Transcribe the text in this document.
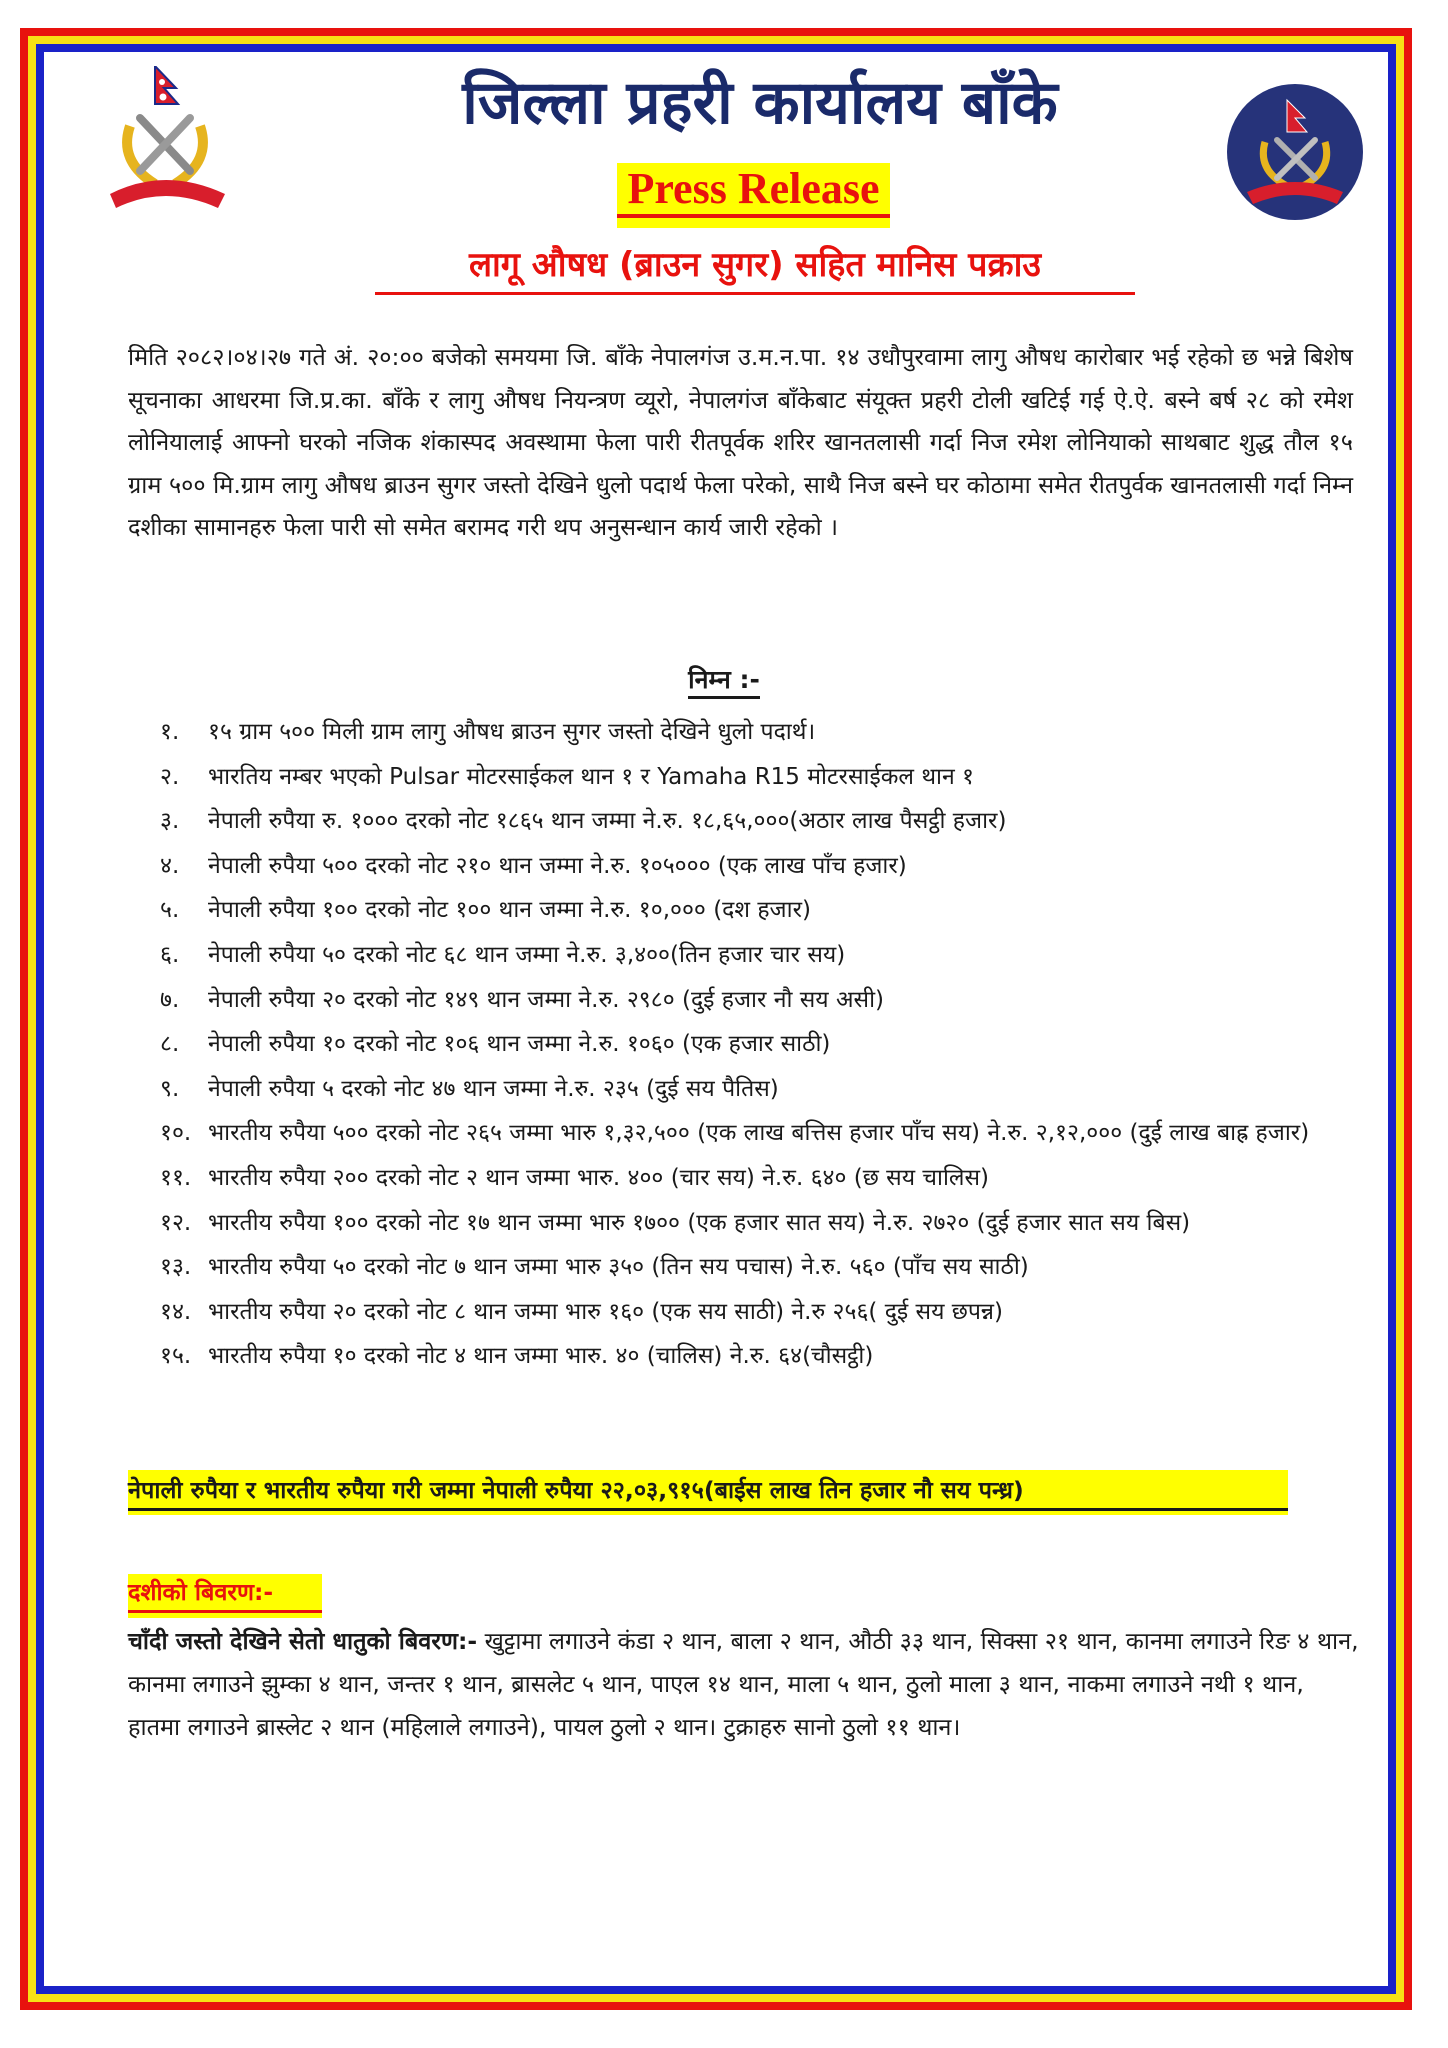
जिल्ला प्रहरी कार्यालय बाँके
Press Release
लागू औषध (ब्राउन सुगर) सहित मानिस पक्राउ
मिति २०८२।०४।२७ गते अं. २०:०० बजेको समयमा जि. बाँके नेपालगंज उ.म.न.पा. १४ उधौपुरवामा लागु औषध कारोबार भई रहेको छ भन्ने बिशेष सूचनाका आधरमा जि.प्र.का. बाँके र लागु औषध नियन्त्रण व्यूरो, नेपालगंज बाँकेबाट संयूक्त प्रहरी टोली खटिई गई ऐ.ऐ. बस्ने बर्ष २८ को रमेश लोनियालाई आफ्नो घरको नजिक शंकास्पद अवस्थामा फेला पारी रीतपूर्वक शरिर खानतलासी गर्दा निज रमेश लोनियाको साथबाट शुद्ध तौल १५ ग्राम ५०० मि.ग्राम लागु औषध ब्राउन सुगर जस्तो देखिने धुलो पदार्थ फेला परेको, साथै निज बस्ने घर कोठामा समेत रीतपुर्वक खानतलासी गर्दा निम्न दशीका सामानहरु फेला पारी सो समेत बरामद गरी थप अनुसन्धान कार्य जारी रहेको ।
निम्न :-
१. १५ ग्राम ५०० मिली ग्राम लागु औषध ब्राउन सुगर जस्तो देखिने धुलो पदार्थ।
२. भारतिय नम्बर भएको Pulsar मोटरसाईकल थान १ र Yamaha R15 मोटरसाईकल थान १
३. नेपाली रुपैया रु. १००० दरको नोट १८६५ थान जम्मा ने.रु. १८,६५,०००(अठार लाख पैसट्ठी हजार)
४. नेपाली रुपैया ५०० दरको नोट २१० थान जम्मा ने.रु. १०५००० (एक लाख पाँच हजार)
५. नेपाली रुपैया १०० दरको नोट १०० थान जम्मा ने.रु. १०,००० (दश हजार)
६. नेपाली रुपैया ५० दरको नोट ६८ थान जम्मा ने.रु. ३,४००(तिन हजार चार सय)
७. नेपाली रुपैया २० दरको नोट १४९ थान जम्मा ने.रु. २९८० (दुई हजार नौ सय असी)
८. नेपाली रुपैया १० दरको नोट १०६ थान जम्मा ने.रु. १०६० (एक हजार साठी)
९. नेपाली रुपैया ५ दरको नोट ४७ थान जम्मा ने.रु. २३५ (दुई सय पैतिस)
१०. भारतीय रुपैया ५०० दरको नोट २६५ जम्मा भारु १,३२,५०० (एक लाख बत्तिस हजार पाँच सय) ने.रु. २,१२,००० (दुई लाख बाह्र हजार)
११. भारतीय रुपैया २०० दरको नोट २ थान जम्मा भारु. ४०० (चार सय) ने.रु. ६४० (छ सय चालिस)
१२. भारतीय रुपैया १०० दरको नोट १७ थान जम्मा भारु १७०० (एक हजार सात सय) ने.रु. २७२० (दुई हजार सात सय बिस)
१३. भारतीय रुपैया ५० दरको नोट ७ थान जम्मा भारु ३५० (तिन सय पचास) ने.रु. ५६० (पाँच सय साठी)
१४. भारतीय रुपैया २० दरको नोट ८ थान जम्मा भारु १६० (एक सय साठी) ने.रु २५६( दुई सय छपन्न)
१५. भारतीय रुपैया १० दरको नोट ४ थान जम्मा भारु. ४० (चालिस) ने.रु. ६४(चौसट्ठी)
नेपाली रुपैया र भारतीय रुपैया गरी जम्मा नेपाली रुपैया २२,०३,९१५(बाईस लाख तिन हजार नौ सय पन्ध्र)
दशीको बिवरण:-
चाँदी जस्तो देखिने सेतो धातुको बिवरण:- खुट्टामा लगाउने कंडा २ थान, बाला २ थान, औठी ३३ थान, सिक्सा २१ थान, कानमा लगाउने रिङ ४ थान, कानमा लगाउने झुम्का ४ थान, जन्तर १ थान, ब्रासलेट ५ थान, पाएल १४ थान, माला ५ थान, ठुलो माला ३ थान, नाकमा लगाउने नथी १ थान, हातमा लगाउने ब्रास्लेट २ थान (महिलाले लगाउने), पायल ठुलो २ थान। टुक्राहरु सानो ठुलो ११ थान।
